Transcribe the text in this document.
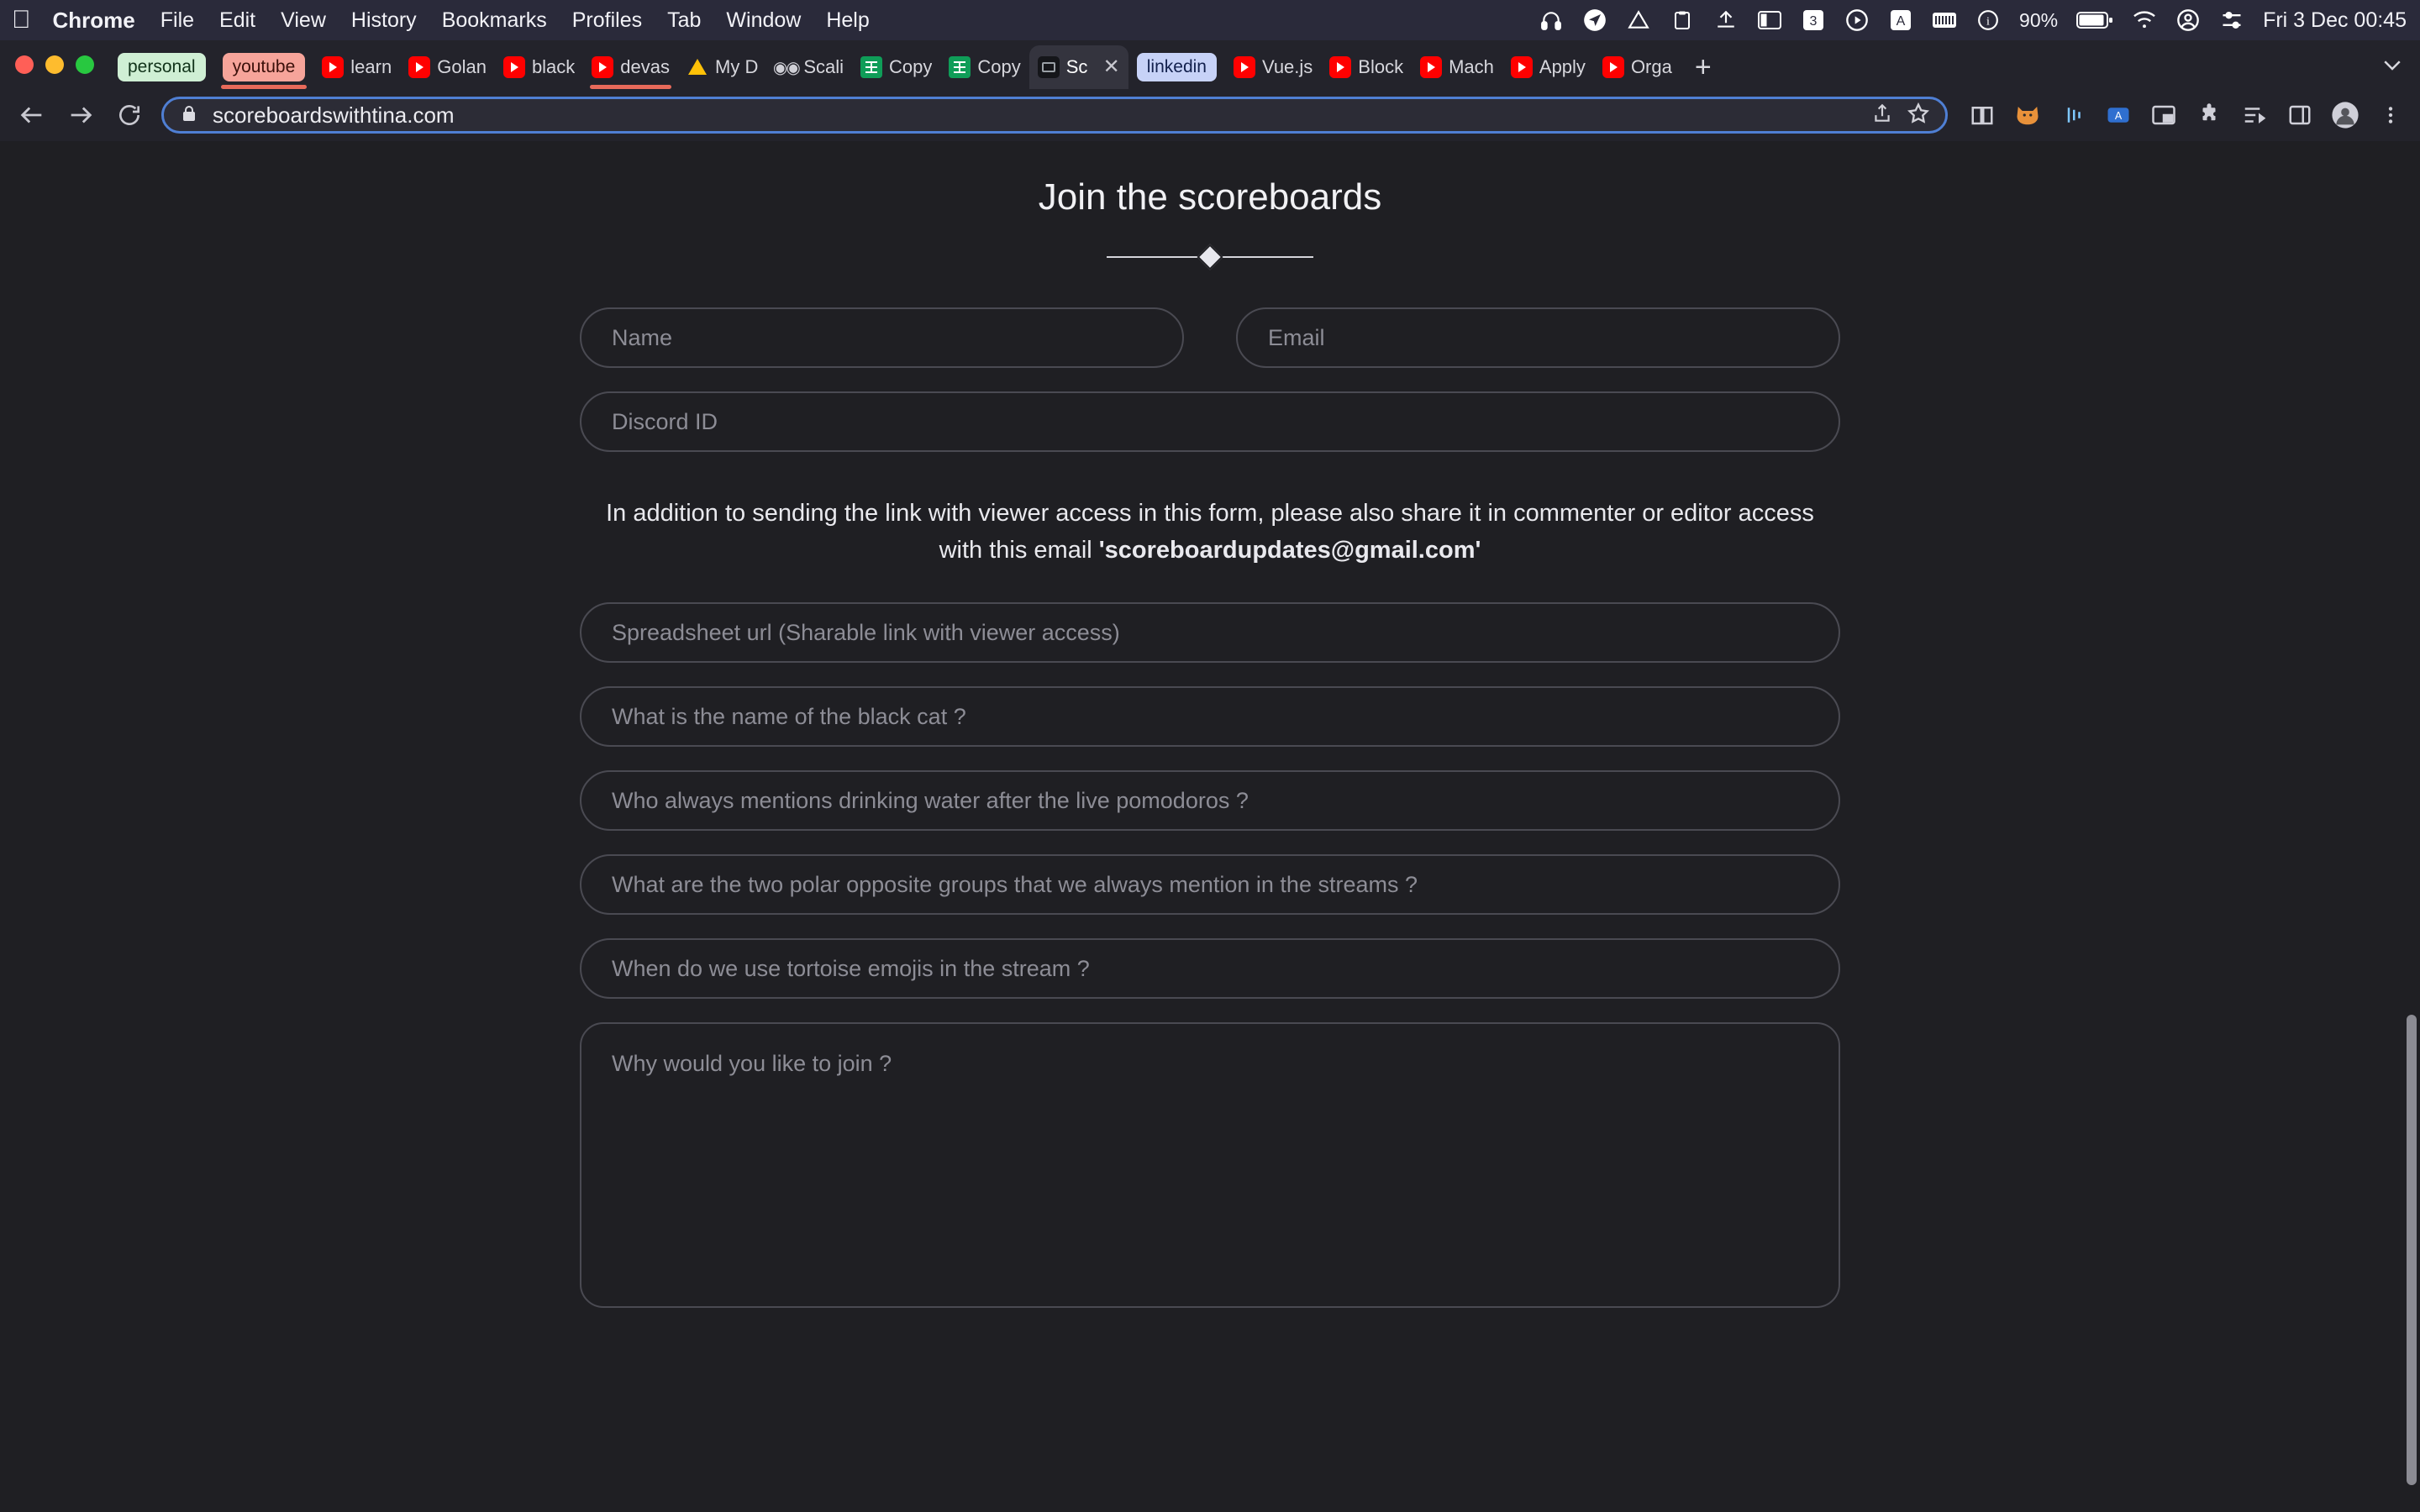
Chrome File Edit View History Bookmarks Profiles Tab Window Help	3	A	i 90%	Fri 3 Dec 00:45
personal	youtube	learn Golan black devas My D ◉◉ Scali Copy Copy Sc ✕	linkedin	Vue.js Block Mach Apply Orga +
scoreboardswithtina.com	A
Join the scoreboards
Name
Email
Discord ID
In addition to sending the link with viewer access in this form, please also share it in commenter or editor access with this email 'scoreboardupdates@gmail.com'
Spreadsheet url (Sharable link with viewer access)
What is the name of the black cat ?
Who always mentions drinking water after the live pomodoros ?
What are the two polar opposite groups that we always mention in the streams ?
When do we use tortoise emojis in the stream ?
Why would you like to join ?
